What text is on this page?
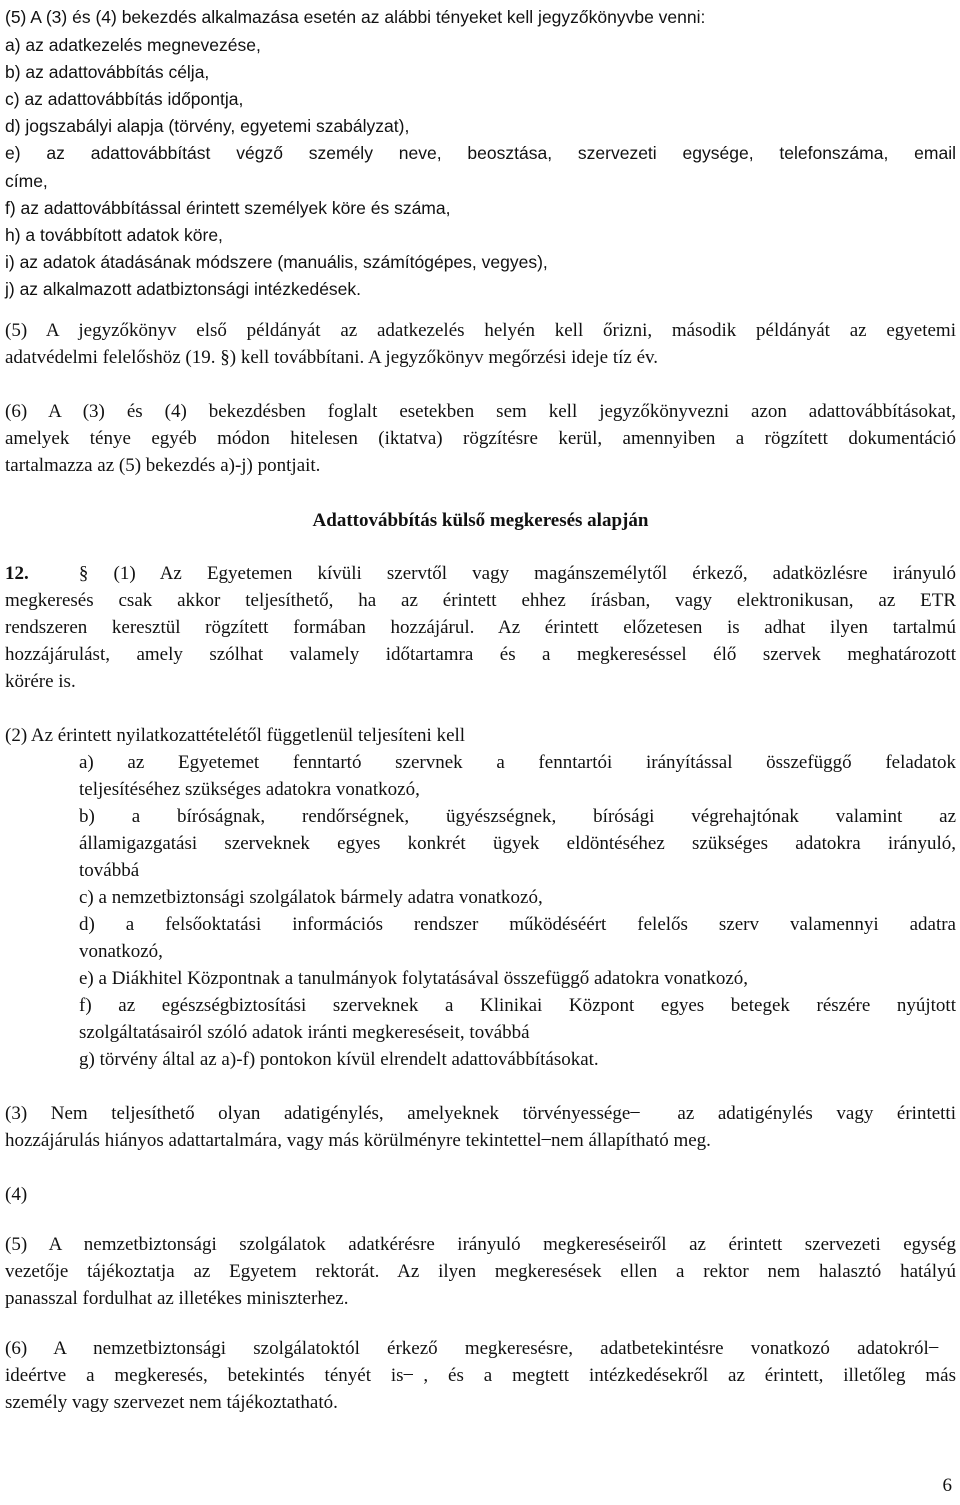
(5) A (3) és (4) bekezdés alkalmazása esetén az alábbi tényeket kell jegyzőkönyvbe venni:
a) az adatkezelés megnevezése,
b) az adattovábbítás célja,
c) az adattovábbítás időpontja,
d) jogszabályi alapja (törvény, egyetemi szabályzat),
e) az adattovábbítást végző személy neve, beosztása, szervezeti egysége, telefonszáma, email
címe,
f) az adattovábbítással érintett személyek köre és száma,
h) a továbbított adatok köre,
i) az adatok átadásának módszere (manuális, számítógépes, vegyes),
j) az alkalmazott adatbiztonsági intézkedések.
(5) A jegyzőkönyv első példányát az adatkezelés helyén kell őrizni, második példányát az egyetemi
adatvédelmi felelőshöz (19. §) kell továbbítani. A jegyzőkönyv megőrzési ideje tíz év.
(6) A (3) és (4) bekezdésben foglalt esetekben sem kell jegyzőkönyvezni azon adattovábbításokat,
amelyek ténye egyéb módon hitelesen (iktatva) rögzítésre kerül, amennyiben a rögzített dokumentáció
tartalmazza az (5) bekezdés a)-j) pontjait.
Adattovábbítás külső megkeresés alapján
12.  § (1) Az Egyetemen kívüli szervtől vagy magánszemélytől érkező, adatközlésre irányuló
megkeresés csak akkor teljesíthető, ha az érintett ehhez írásban, vagy elektronikusan, az ETR
rendszeren keresztül rögzített formában hozzájárul. Az érintett előzetesen is adhat ilyen tartalmú
hozzájárulást, amely szólhat valamely időtartamra és a megkereséssel élő szervek meghatározott
körére is.
(2) Az érintett nyilatkozattételétől függetlenül teljesíteni kell
a) az Egyetemet fenntartó szervnek a fenntartói irányítással összefüggő feladatok
teljesítéséhez szükséges adatokra vonatkozó,
b) a bíróságnak, rendőrségnek, ügyészségnek, bírósági végrehajtónak valamint az
államigazgatási szerveknek egyes konkrét ügyek eldöntéséhez szükséges adatokra irányuló,
továbbá
c) a nemzetbiztonsági szolgálatok bármely adatra vonatkozó,
d) a felsőoktatási információs rendszer működéséért felelős szerv valamennyi adatra
vonatkozó,
e) a Diákhitel Központnak a tanulmányok folytatásával összefüggő adatokra vonatkozó,
f) az egészségbiztosítási szerveknek a Klinikai Központ egyes betegek részére nyújtott
szolgáltatásairól szóló adatok iránti megkereséseit, továbbá
g) törvény által az a)-f) pontokon kívül elrendelt adattovábbításokat.
(3) Nem teljesíthető olyan adatigénylés, amelyeknek törvényessége ̶ az adatigénylés vagy érintetti
hozzájárulás hiányos adattartalmára, vagy más körülményre tekintettel ̶ nem állapítható meg.
(4)
(5) A nemzetbiztonsági szolgálatok adatkérésre irányuló megkereséseiről az érintett szervezeti egység
vezetője tájékoztatja az Egyetem rektorát. Az ilyen megkeresések ellen a rektor nem halasztó hatályú
panasszal fordulhat az illetékes miniszterhez.
(6) A nemzetbiztonsági szolgálatoktól érkező megkeresésre, adatbetekintésre vonatkozó adatokról ̶
ideértve a megkeresés, betekintés tényét is ̶, és a megtett intézkedésekről az érintett, illetőleg más
személy vagy szervezet nem tájékoztatható.
6
